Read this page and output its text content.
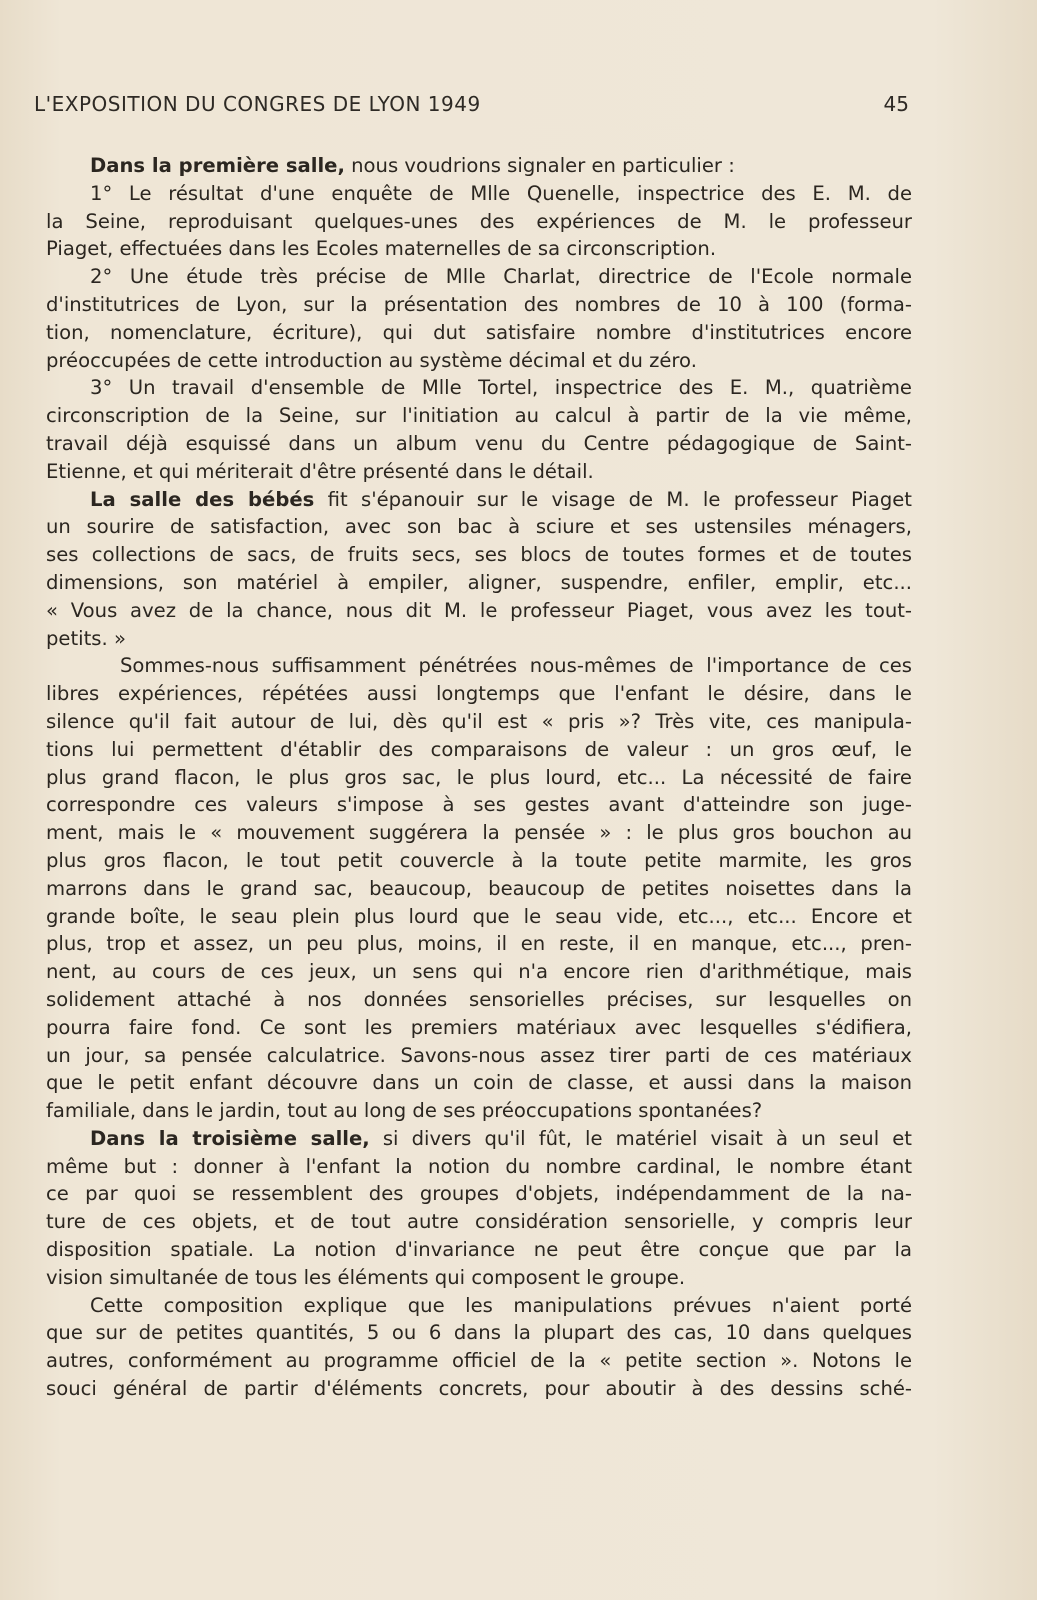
L'EXPOSITION DU CONGRES DE LYON 1949	45
Dans la première salle, nous voudrions signaler en particulier :
1° Le résultat d'une enquête de Mlle Quenelle, inspectrice des E. M. de
la Seine, reproduisant quelques-unes des expériences de M. le professeur
Piaget, effectuées dans les Ecoles maternelles de sa circonscription.
2° Une étude très précise de Mlle Charlat, directrice de l'Ecole normale
d'institutrices de Lyon, sur la présentation des nombres de 10 à 100 (forma-
tion, nomenclature, écriture), qui dut satisfaire nombre d'institutrices encore
préoccupées de cette introduction au système décimal et du zéro.
3° Un travail d'ensemble de Mlle Tortel, inspectrice des E. M., quatrième
circonscription de la Seine, sur l'initiation au calcul à partir de la vie même,
travail déjà esquissé dans un album venu du Centre pédagogique de Saint-
Etienne, et qui mériterait d'être présenté dans le détail.
La salle des bébés fit s'épanouir sur le visage de M. le professeur Piaget
un sourire de satisfaction, avec son bac à sciure et ses ustensiles ménagers,
ses collections de sacs, de fruits secs, ses blocs de toutes formes et de toutes
dimensions, son matériel à empiler, aligner, suspendre, enfiler, emplir, etc...
« Vous avez de la chance, nous dit M. le professeur Piaget, vous avez les tout-
petits. »
Sommes-nous suffisamment pénétrées nous-mêmes de l'importance de ces
libres expériences, répétées aussi longtemps que l'enfant le désire, dans le
silence qu'il fait autour de lui, dès qu'il est « pris »? Très vite, ces manipula-
tions lui permettent d'établir des comparaisons de valeur : un gros œuf, le
plus grand flacon, le plus gros sac, le plus lourd, etc... La nécessité de faire
correspondre ces valeurs s'impose à ses gestes avant d'atteindre son juge-
ment, mais le « mouvement suggérera la pensée » : le plus gros bouchon au
plus gros flacon, le tout petit couvercle à la toute petite marmite, les gros
marrons dans le grand sac, beaucoup, beaucoup de petites noisettes dans la
grande boîte, le seau plein plus lourd que le seau vide, etc..., etc... Encore et
plus, trop et assez, un peu plus, moins, il en reste, il en manque, etc..., pren-
nent, au cours de ces jeux, un sens qui n'a encore rien d'arithmétique, mais
solidement attaché à nos données sensorielles précises, sur lesquelles on
pourra faire fond. Ce sont les premiers matériaux avec lesquelles s'édifiera,
un jour, sa pensée calculatrice. Savons-nous assez tirer parti de ces matériaux
que le petit enfant découvre dans un coin de classe, et aussi dans la maison
familiale, dans le jardin, tout au long de ses préoccupations spontanées?
Dans la troisième salle, si divers qu'il fût, le matériel visait à un seul et
même but : donner à l'enfant la notion du nombre cardinal, le nombre étant
ce par quoi se ressemblent des groupes d'objets, indépendamment de la na-
ture de ces objets, et de tout autre considération sensorielle, y compris leur
disposition spatiale. La notion d'invariance ne peut être conçue que par la
vision simultanée de tous les éléments qui composent le groupe.
Cette composition explique que les manipulations prévues n'aient porté
que sur de petites quantités, 5 ou 6 dans la plupart des cas, 10 dans quelques
autres, conformément au programme officiel de la « petite section ». Notons le
souci général de partir d'éléments concrets, pour aboutir à des dessins sché-
